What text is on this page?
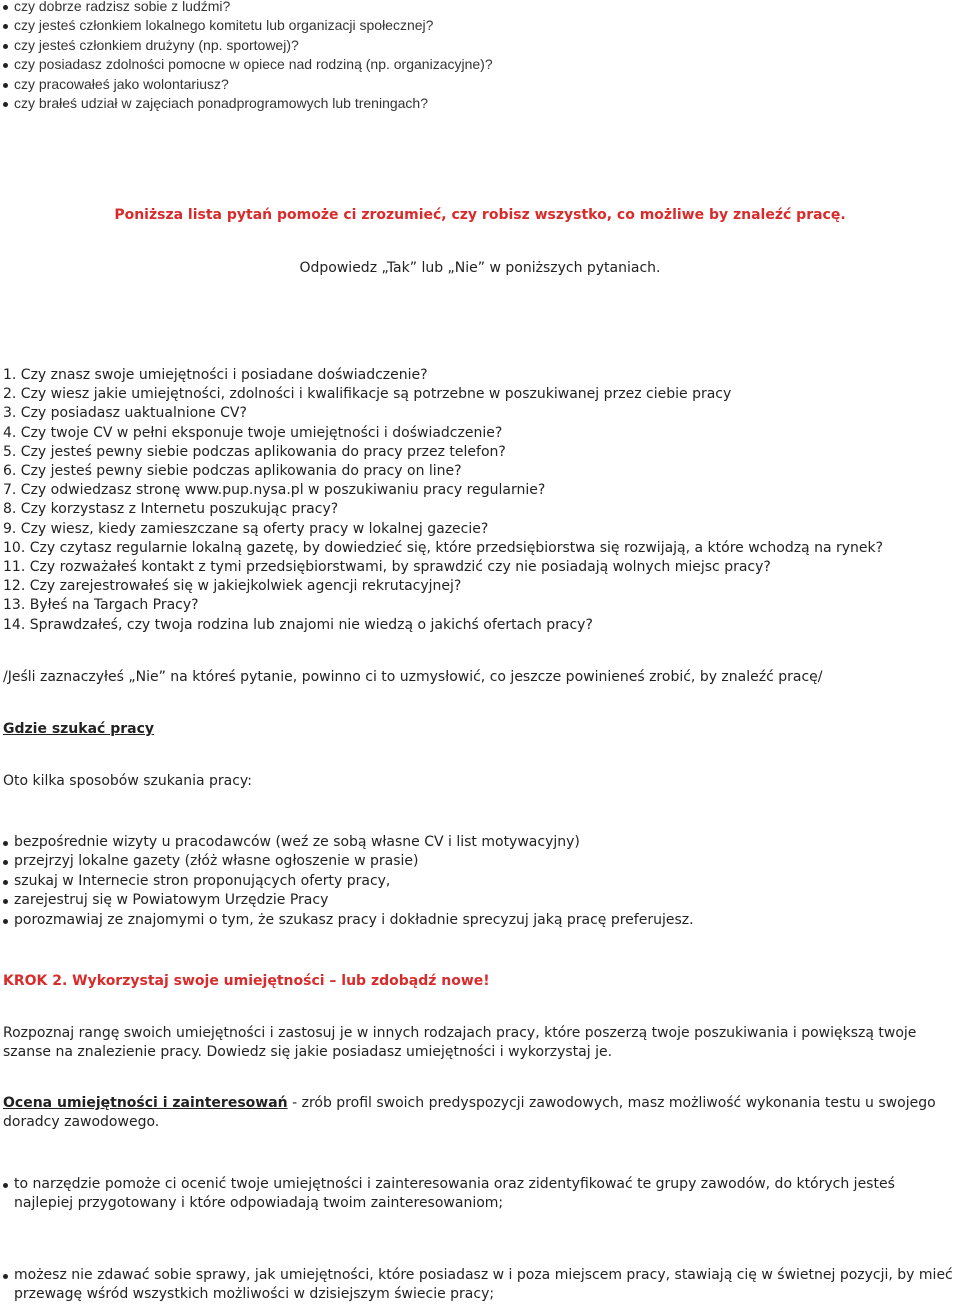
czy dobrze radzisz sobie z ludźmi?
czy jesteś członkiem lokalnego komitetu lub organizacji społecznej?
czy jesteś członkiem drużyny (np. sportowej)?
czy posiadasz zdolności pomocne w opiece nad rodziną (np. organizacyjne)?
czy pracowałeś jako wolontariusz?
czy brałeś udział w zajęciach ponadprogramowych lub treningach?
Poniższa lista pytań pomoże ci zrozumieć, czy robisz wszystko, co możliwe by znaleźć pracę.
Odpowiedz „Tak” lub „Nie” w poniższych pytaniach.
1. Czy znasz swoje umiejętności i posiadane doświadczenie?
2. Czy wiesz jakie umiejętności, zdolności i kwalifikacje są potrzebne w poszukiwanej przez ciebie pracy
3. Czy posiadasz uaktualnione CV?
4. Czy twoje CV w pełni eksponuje twoje umiejętności i doświadczenie?
5. Czy jesteś pewny siebie podczas aplikowania do pracy przez telefon?
6. Czy jesteś pewny siebie podczas aplikowania do pracy on line?
7. Czy odwiedzasz stronę www.pup.nysa.pl w poszukiwaniu pracy regularnie?
8. Czy korzystasz z Internetu poszukując pracy?
9. Czy wiesz, kiedy zamieszczane są oferty pracy w lokalnej gazecie?
10. Czy czytasz regularnie lokalną gazetę, by dowiedzieć się, które przedsiębiorstwa się rozwijają, a które wchodzą na rynek?
11. Czy rozważałeś kontakt z tymi przedsiębiorstwami, by sprawdzić czy nie posiadają wolnych miejsc pracy?
12. Czy zarejestrowałeś się w jakiejkolwiek agencji rekrutacyjnej?
13. Byłeś na Targach Pracy?
14. Sprawdzałeś, czy twoja rodzina lub znajomi nie wiedzą o jakichś ofertach pracy?
/Jeśli zaznaczyłeś „Nie” na któreś pytanie, powinno ci to uzmysłowić, co jeszcze powinieneś zrobić, by znaleźć pracę/
Gdzie szukać pracy
Oto kilka sposobów szukania pracy:
bezpośrednie wizyty u pracodawców (weź ze sobą własne CV i list motywacyjny)
przejrzyj lokalne gazety (złóż własne ogłoszenie w prasie)
szukaj w Internecie stron proponujących oferty pracy,
zarejestruj się w Powiatowym Urzędzie Pracy
porozmawiaj ze znajomymi o tym, że szukasz pracy i dokładnie sprecyzuj jaką pracę preferujesz.
KROK 2. Wykorzystaj swoje umiejętności – lub zdobądź nowe!
Rozpoznaj rangę swoich umiejętności i zastosuj je w innych rodzajach pracy, które poszerzą twoje poszukiwania i powiększą twoje szanse na znalezienie pracy. Dowiedz się jakie posiadasz umiejętności i wykorzystaj je.
Ocena umiejętności i zainteresowań - zrób profil swoich predyspozycji zawodowych, masz możliwość wykonania testu u swojego doradcy zawodowego.
to narzędzie pomoże ci ocenić twoje umiejętności i zainteresowania oraz zidentyfikować te grupy zawodów, do których jesteś najlepiej przygotowany i które odpowiadają twoim zainteresowaniom;
możesz nie zdawać sobie sprawy, jak umiejętności, które posiadasz w i poza miejscem pracy, stawiają cię w świetnej pozycji, by mieć przewagę wśród wszystkich możliwości w dzisiejszym świecie pracy;
